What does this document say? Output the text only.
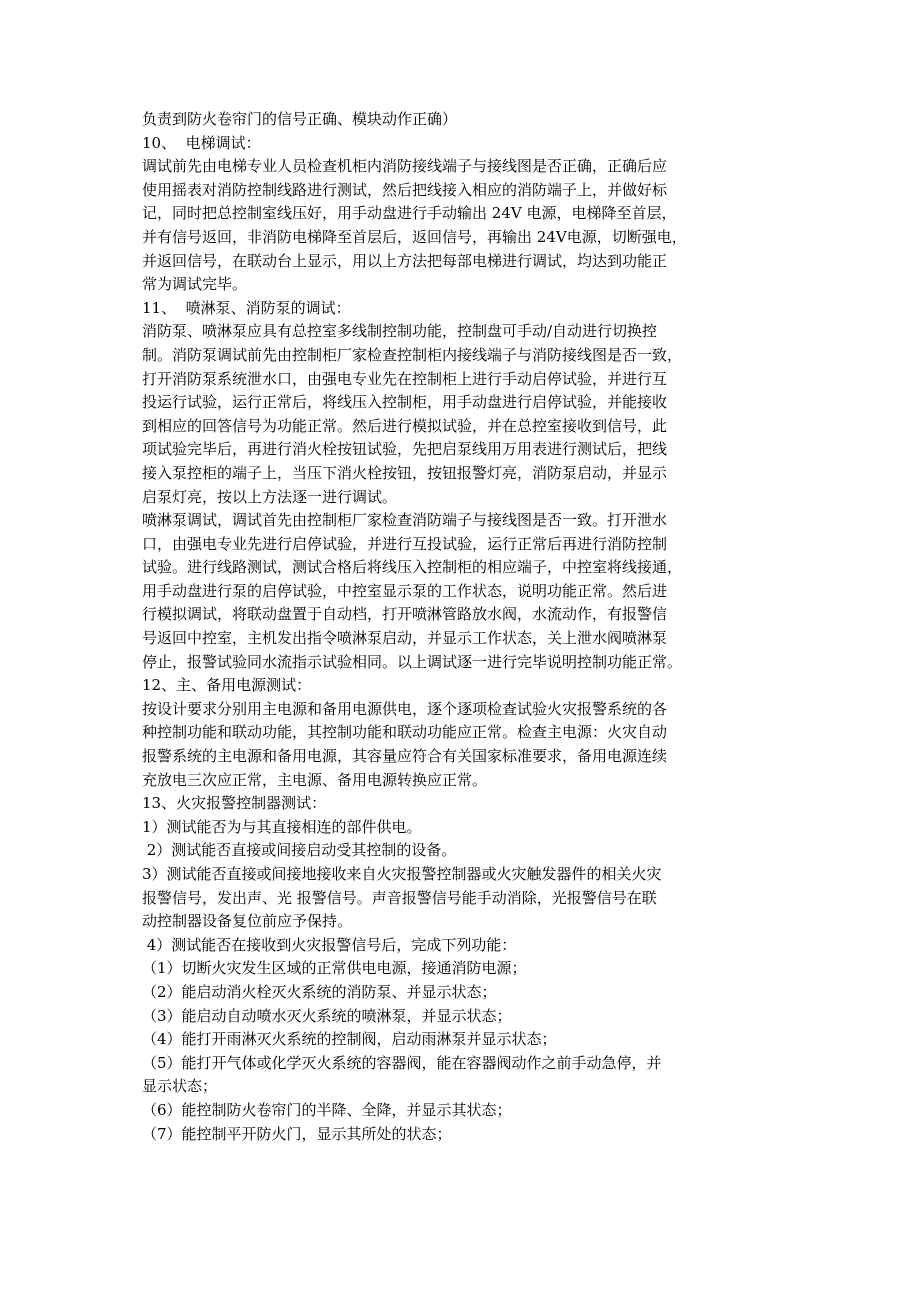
负责到防火卷帘门的信号正确、模块动作正确）
10、  电梯调试：
调试前先由电梯专业人员检查机柜内消防接线端子与接线图是否正确，正确后应
使用摇表对消防控制线路进行测试，然后把线接入相应的消防端子上，并做好标
记，同时把总控制室线压好，用手动盘进行手动输出 24V 电源，电梯降至首层，
并有信号返回，非消防电梯降至首层后，返回信号，再输出 24V电源，切断强电，
并返回信号，在联动台上显示，用以上方法把每部电梯进行调试，均达到功能正
常为调试完毕。
11、  喷淋泵、消防泵的调试：
消防泵、喷淋泵应具有总控室多线制控制功能，控制盘可手动/自动进行切换控
制。消防泵调试前先由控制柜厂家检查控制柜内接线端子与消防接线图是否一致，
打开消防泵系统泄水口，由强电专业先在控制柜上进行手动启停试验，并进行互
投运行试验，运行正常后，将线压入控制柜，用手动盘进行启停试验，并能接收
到相应的回答信号为功能正常。然后进行模拟试验，并在总控室接收到信号，此
项试验完毕后，再进行消火栓按钮试验，先把启泵线用万用表进行测试后，把线
接入泵控柜的端子上，当压下消火栓按钮，按钮报警灯亮，消防泵启动，并显示
启泵灯亮，按以上方法逐一进行调试。
喷淋泵调试，调试首先由控制柜厂家检查消防端子与接线图是否一致。打开泄水
口，由强电专业先进行启停试验，并进行互投试验，运行正常后再进行消防控制
试验。进行线路测试，测试合格后将线压入控制柜的相应端子，中控室将线接通，
用手动盘进行泵的启停试验，中控室显示泵的工作状态，说明功能正常。然后进
行模拟调试，将联动盘置于自动档，打开喷淋管路放水阀，水流动作，有报警信
号返回中控室，主机发出指令喷淋泵启动，并显示工作状态，关上泄水阀喷淋泵
停止，报警试验同水流指示试验相同。以上调试逐一进行完毕说明控制功能正常。
12、主、备用电源测试：
按设计要求分别用主电源和备用电源供电，逐个逐项检查试验火灾报警系统的各
种控制功能和联动功能，其控制功能和联动功能应正常。检查主电源：火灾自动
报警系统的主电源和备用电源，其容量应符合有关国家标准要求，备用电源连续
充放电三次应正常，主电源、备用电源转换应正常。
13、火灾报警控制器测试：
1）测试能否为与其直接相连的部件供电。
2）测试能否直接或间接启动受其控制的设备。
3）测试能否直接或间接地接收来自火灾报警控制器或火灾触发器件的相关火灾
报警信号，发出声、光 报警信号。声音报警信号能手动消除，光报警信号在联
动控制器设备复位前应予保持。
4）测试能否在接收到火灾报警信号后，完成下列功能：
（1）切断火灾发生区域的正常供电电源，接通消防电源；
（2）能启动消火栓灭火系统的消防泵、并显示状态；
（3）能启动自动喷水灭火系统的喷淋泵，并显示状态；
（4）能打开雨淋灭火系统的控制阀，启动雨淋泵并显示状态；
（5）能打开气体或化学灭火系统的容器阀，能在容器阀动作之前手动急停，并
显示状态；
（6）能控制防火卷帘门的半降、全降，并显示其状态；
（7）能控制平开防火门，显示其所处的状态；
